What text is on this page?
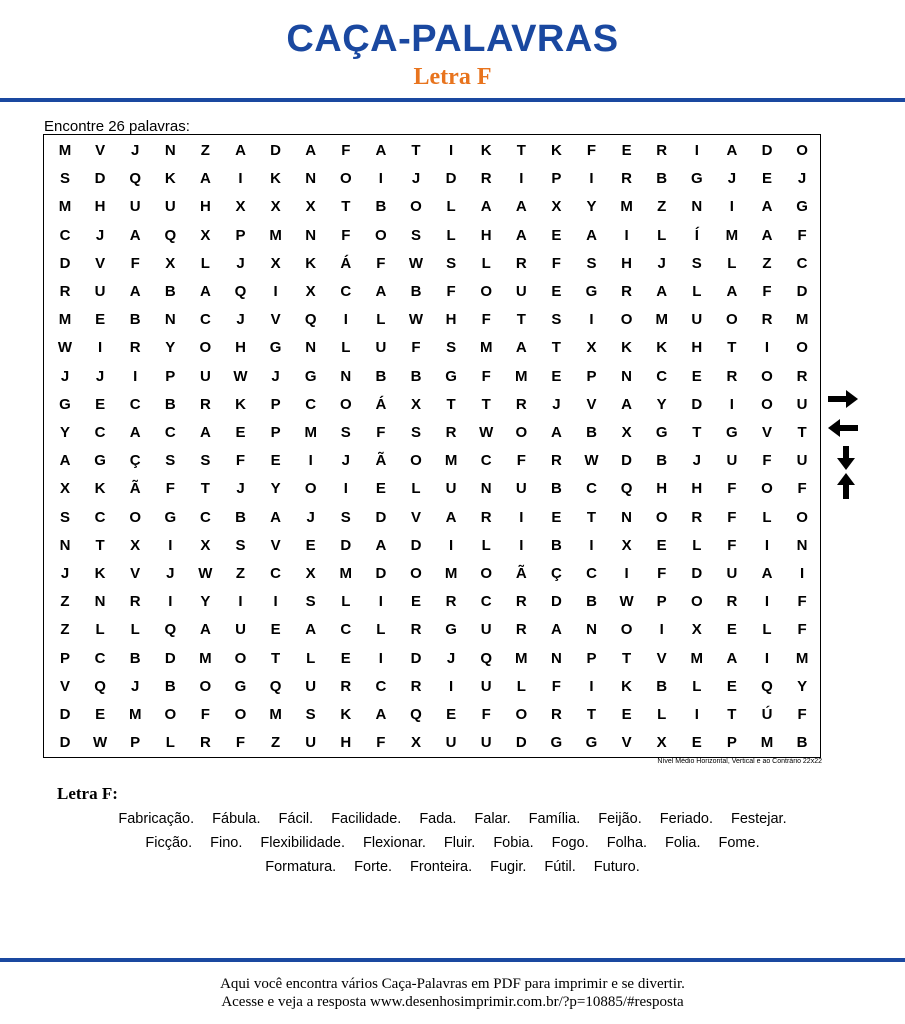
CAÇA-PALAVRAS
Letra F
Encontre 26 palavras:
M	V	J	N	Z	A	D	A	F	A	T	I	K	T	K	F	E	R	I	A	D	O
S	D	Q	K	A	I	K	N	O	I	J	D	R	I	P	I	R	B	G	J	E	J
M	H	U	U	H	X	X	X	T	B	O	L	A	A	X	Y	M	Z	N	I	A	G
C	J	A	Q	X	P	M	N	F	O	S	L	H	A	E	A	I	L	Í	M	A	F
D	V	F	X	L	J	X	K	Á	F	W	S	L	R	F	S	H	J	S	L	Z	C
R	U	A	B	A	Q	I	X	C	A	B	F	O	U	E	G	R	A	L	A	F	D
M	E	B	N	C	J	V	Q	I	L	W	H	F	T	S	I	O	M	U	O	R	M
W	I	R	Y	O	H	G	N	L	U	F	S	M	A	T	X	K	K	H	T	I	O
J	J	I	P	U	W	J	G	N	B	B	G	F	M	E	P	N	C	E	R	O	R
G	E	C	B	R	K	P	C	O	Á	X	T	T	R	J	V	A	Y	D	I	O	U
Y	C	A	C	A	E	P	M	S	F	S	R	W	O	A	B	X	G	T	G	V	T
A	G	Ç	S	S	F	E	I	J	Ã	O	M	C	F	R	W	D	B	J	U	F	U
X	K	Ã	F	T	J	Y	O	I	E	L	U	N	U	B	C	Q	H	H	F	O	F
S	C	O	G	C	B	A	J	S	D	V	A	R	I	E	T	N	O	R	F	L	O
N	T	X	I	X	S	V	E	D	A	D	I	L	I	B	I	X	E	L	F	I	N
J	K	V	J	W	Z	C	X	M	D	O	M	O	Ã	Ç	C	I	F	D	U	A	I
Z	N	R	I	Y	I	I	S	L	I	E	R	C	R	D	B	W	P	O	R	I	F
Z	L	L	Q	A	U	E	A	C	L	R	G	U	R	A	N	O	I	X	E	L	F
P	C	B	D	M	O	T	L	E	I	D	J	Q	M	N	P	T	V	M	A	I	M
V	Q	J	B	O	G	Q	U	R	C	R	I	U	L	F	I	K	B	L	E	Q	Y
D	E	M	O	F	O	M	S	K	A	Q	E	F	O	R	T	E	L	I	T	Ú	F
D	W	P	L	R	F	Z	U	H	F	X	U	U	D	G	G	V	X	E	P	M	B
Nível Médio Horizontal, Vertical e ao Contrário 22x22
Letra F:
Fabricação. Fábula. Fácil. Facilidade. Fada. Falar. Família. Feijão. Feriado. Festejar.
Ficção. Fino. Flexibilidade. Flexionar. Fluir. Fobia. Fogo. Folha. Folia. Fome.
Formatura. Forte. Fronteira. Fugir. Fútil. Futuro.
Aqui você encontra vários Caça-Palavras em PDF para imprimir e se divertir.
Acesse e veja a resposta www.desenhosimprimir.com.br/?p=10885/#resposta
